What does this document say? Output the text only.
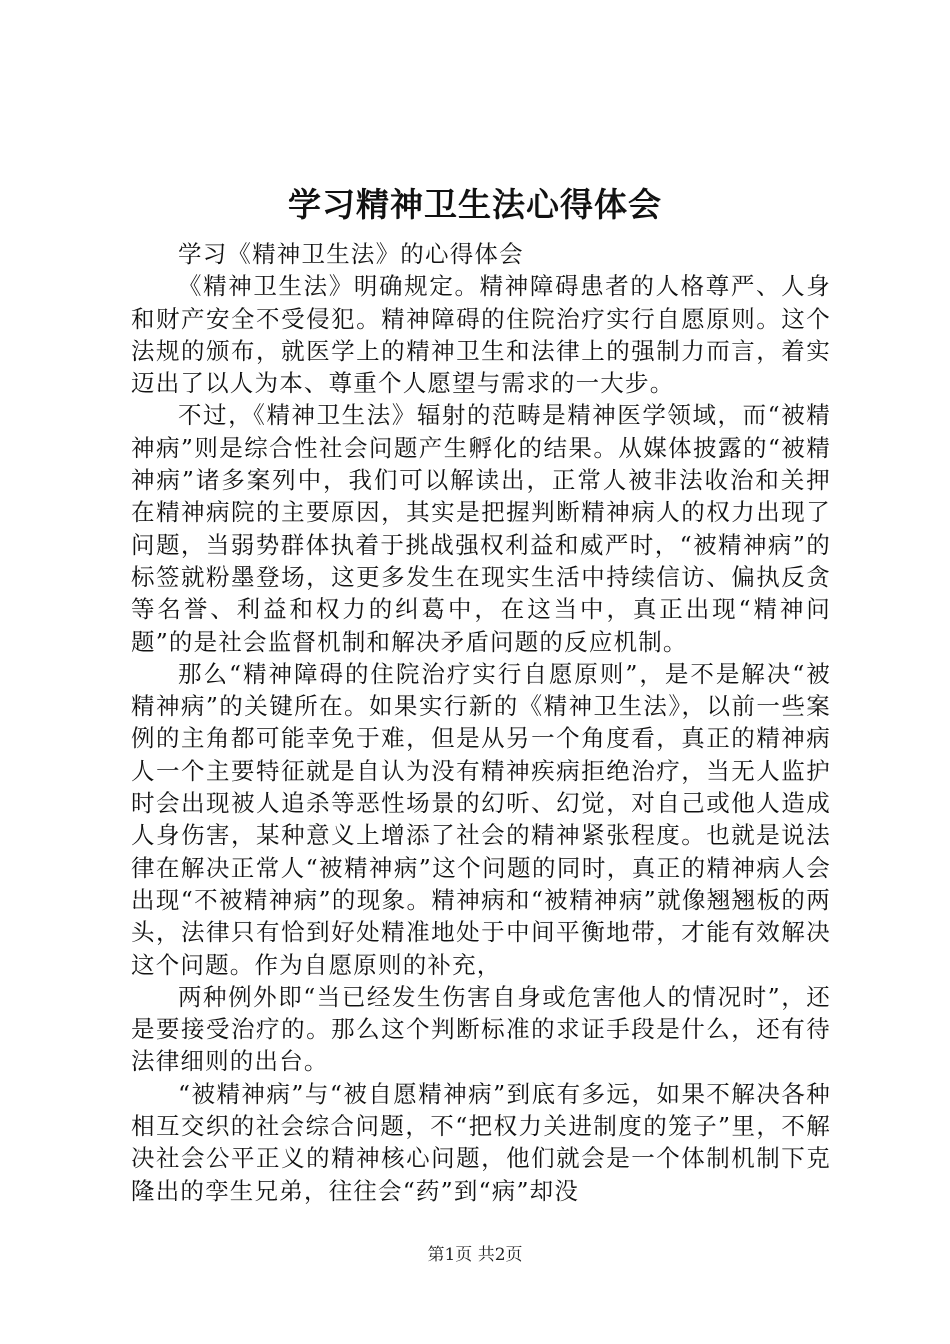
学习精神卫生法心得体会

学习《精神卫生法》的心得体会

《精神卫生法》明确规定。精神障碍患者的人格尊严、人身和财产安全不受侵犯。精神障碍的住院治疗实行自愿原则。这个法规的颁布，就医学上的精神卫生和法律上的强制力而言，着实迈出了以人为本、尊重个人愿望与需求的一大步。

不过，《精神卫生法》辐射的范畴是精神医学领域，而“被精神病”则是综合性社会问题产生孵化的结果。从媒体披露的“被精神病”诸多案列中，我们可以解读出，正常人被非法收治和关押在精神病院的主要原因，其实是把握判断精神病人的权力出现了问题，当弱势群体执着于挑战强权利益和威严时，“被精神病”的标签就粉墨登场，这更多发生在现实生活中持续信访、偏执反贪等名誉、利益和权力的纠葛中，在这当中，真正出现“精神问题”的是社会监督机制和解决矛盾问题的反应机制。

那么“精神障碍的住院治疗实行自愿原则”，是不是解决“被精神病”的关键所在。如果实行新的《精神卫生法》，以前一些案例的主角都可能幸免于难，但是从另一个角度看，真正的精神病人一个主要特征就是自认为没有精神疾病拒绝治疗，当无人监护时会出现被人追杀等恶性场景的幻听、幻觉，对自己或他人造成人身伤害，某种意义上增添了社会的精神紧张程度。也就是说法律在解决正常人“被精神病”这个问题的同时，真正的精神病人会出现“不被精神病”的现象。精神病和“被精神病”就像翘翘板的两头，法律只有恰到好处精准地处于中间平衡地带，才能有效解决这个问题。作为自愿原则的补充，

两种例外即“当已经发生伤害自身或危害他人的情况时”，还是要接受治疗的。那么这个判断标准的求证手段是什么，还有待法律细则的出台。

“被精神病”与“被自愿精神病”到底有多远，如果不解决各种相互交织的社会综合问题，不“把权力关进制度的笼子”里，不解决社会公平正义的精神核心问题，他们就会是一个体制机制下克隆出的孪生兄弟，往往会“药”到“病”却没

第1页 共2页
